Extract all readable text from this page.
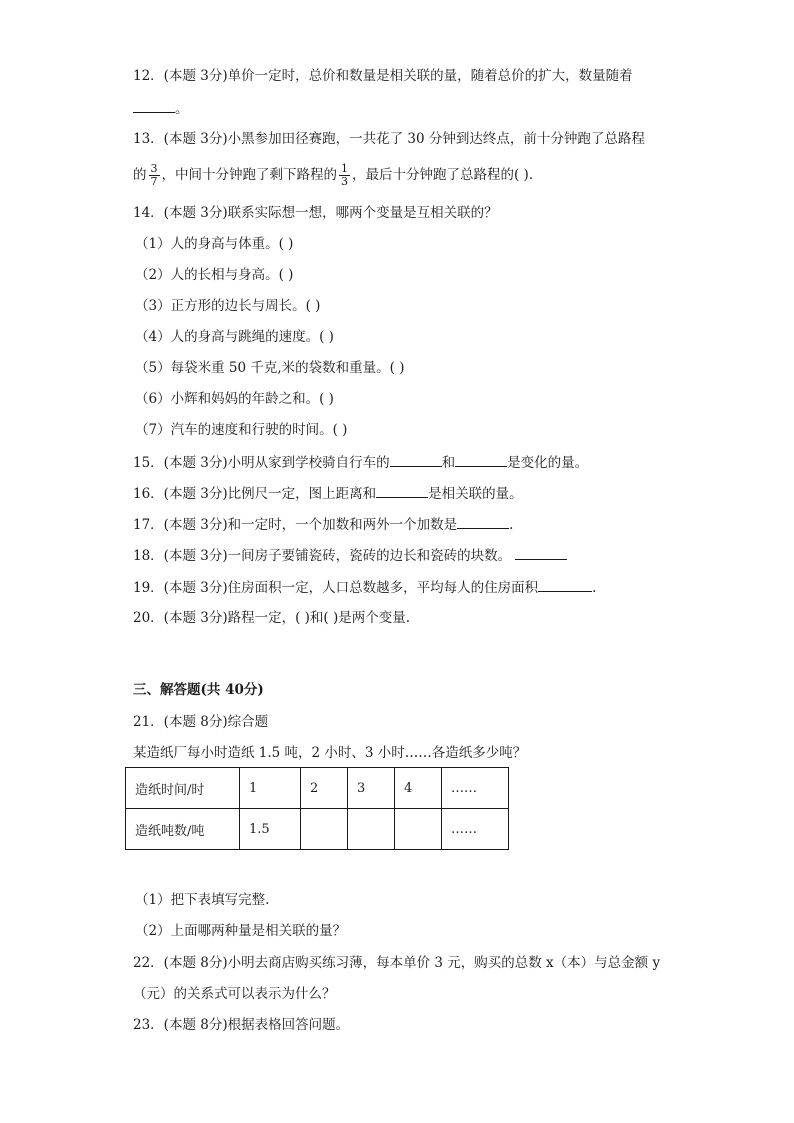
12．(本题 3分)单价一定时，总价和数量是相关联的量，随着总价的扩大，数量随着
。
13．(本题 3分)小黑参加田径赛跑，一共花了 30 分钟到达终点，前十分钟跑了总路程
的 $\frac{3}{7}$ ，中间十分钟跑了剩下路程的 $\frac{1}{3}$ ，最后十分钟跑了总路程的( ).
14．(本题 3分)联系实际想一想，哪两个变量是互相关联的？
（1）人的身高与体重。( )
（2）人的长相与身高。( )
（3）正方形的边长与周长。( )
（4）人的身高与跳绳的速度。( )
（5）每袋米重 50 千克,米的袋数和重量。( )
（6）小辉和妈妈的年龄之和。( )
（7）汽车的速度和行驶的时间。( )
15．(本题 3分)小明从家到学校骑自行车的	和	是变化的量。
16．(本题 3分)比例尺一定，图上距离和	是相关联的量。
17．(本题 3分)和一定时，一个加数和两外一个加数是	.
18．(本题 3分)一间房子要铺瓷砖，瓷砖的边长和瓷砖的块数。
19．(本题 3分)住房面积一定，人口总数越多，平均每人的住房面积	.
20．(本题 3分)路程一定，( )和( )是两个变量.
三、解答题(共 40分)
21．(本题 8分)综合题
某造纸厂每小时造纸 1.5 吨，2 小时、3 小时……各造纸多少吨？
造纸时间/时	1	2	3	4	……
造纸吨数/吨	1.5				……
（1）把下表填写完整.
（2）上面哪两种量是相关联的量？
22．(本题 8分)小明去商店购买练习薄，每本单价 3 元，购买的总数 x（本）与总金额 y
（元）的关系式可以表示为什么？
23．(本题 8分)根据表格回答问题。
